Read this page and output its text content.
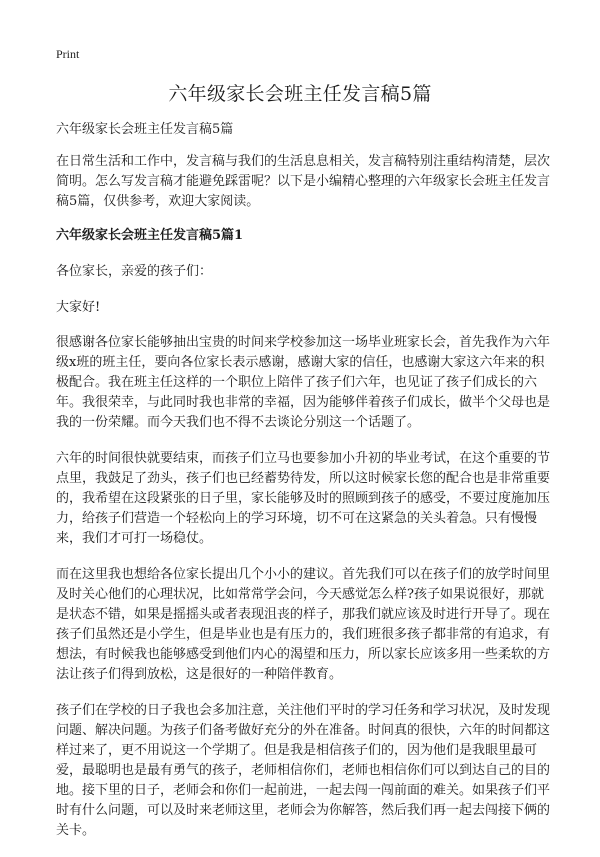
Print
六年级家长会班主任发言稿5篇

六年级家长会班主任发言稿5篇

在日常生活和工作中，发言稿与我们的生活息息相关，发言稿特别注重结构清楚，层次简明。怎么写发言稿才能避免踩雷呢？以下是小编精心整理的六年级家长会班主任发言稿5篇，仅供参考，欢迎大家阅读。

六年级家长会班主任发言稿5篇1

各位家长，亲爱的孩子们：

大家好!

很感谢各位家长能够抽出宝贵的时间来学校参加这一场毕业班家长会，首先我作为六年级x班的班主任，要向各位家长表示感谢，感谢大家的信任，也感谢大家这六年来的积极配合。我在班主任这样的一个职位上陪伴了孩子们六年，也见证了孩子们成长的六年。我很荣幸，与此同时我也非常的幸福，因为能够伴着孩子们成长，做半个父母也是我的一份荣耀。而今天我们也不得不去谈论分别这一个话题了。

六年的时间很快就要结束，而孩子们立马也要参加小升初的毕业考试，在这个重要的节点里，我鼓足了劲头，孩子们也已经蓄势待发，所以这时候家长您的配合也是非常重要的，我希望在这段紧张的日子里，家长能够及时的照顾到孩子的感受，不要过度施加压力，给孩子们营造一个轻松向上的学习环境，切不可在这紧急的关头着急。只有慢慢来，我们才可打一场稳仗。

而在这里我也想给各位家长提出几个小小的建议。首先我们可以在孩子们的放学时间里及时关心他们的心理状况，比如常常学会问，今天感觉怎么样?孩子如果说很好，那就是状态不错，如果是摇摇头或者表现沮丧的样子，那我们就应该及时进行开导了。现在孩子们虽然还是小学生，但是毕业也是有压力的，我们班很多孩子都非常的有追求，有想法，有时候我也能够感受到他们内心的渴望和压力，所以家长应该多用一些柔软的方法让孩子们得到放松，这是很好的一种陪伴教育。

孩子们在学校的日子我也会多加注意，关注他们平时的学习任务和学习状况，及时发现问题、解决问题。为孩子们备考做好充分的外在准备。时间真的很快，六年的时间都这样过来了，更不用说这一个学期了。但是我是相信孩子们的，因为他们是我眼里最可爱，最聪明也是最有勇气的孩子，老师相信你们，老师也相信你们可以到达自己的目的地。接下里的日子，老师会和你们一起前进，一起去闯一闯前面的难关。如果孩子们平时有什么问题，可以及时来老师这里，老师会为你解答，然后我们再一起去闯接下俩的关卡。
